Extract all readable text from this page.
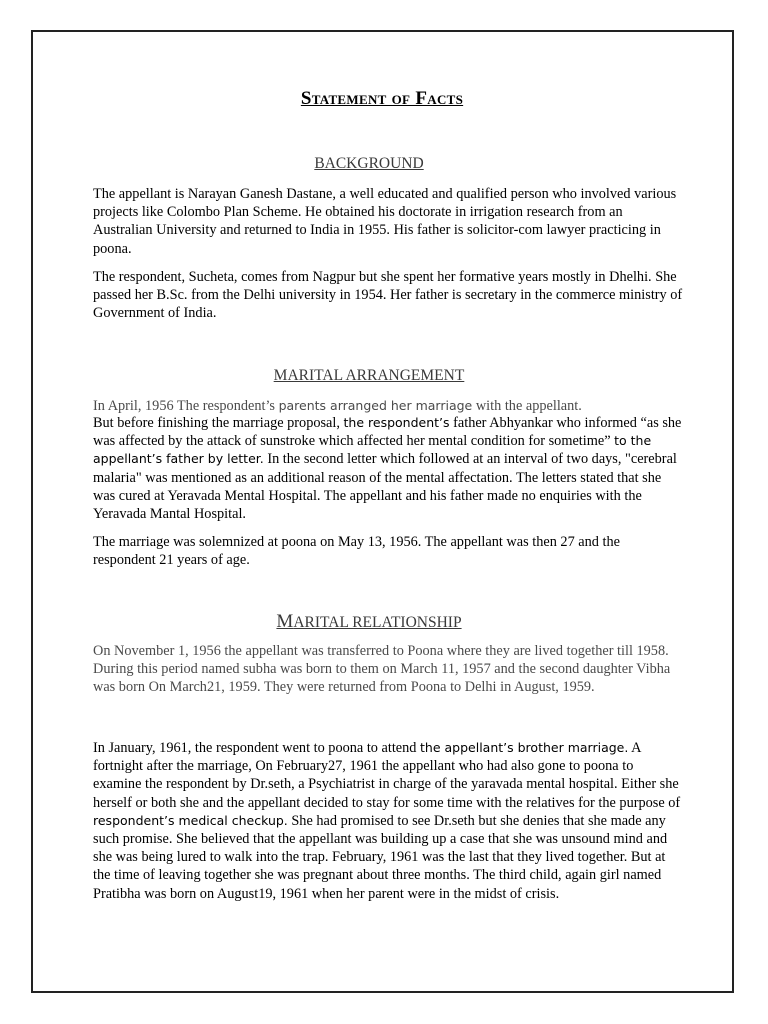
Statement of Facts
BACKGROUND

The appellant is Narayan Ganesh Dastane, a well educated and qualified person who involved various projects like Colombo Plan Scheme. He obtained his doctorate in irrigation research from an Australian University and returned to India in 1955. His father is solicitor-com lawyer practicing in poona.

The respondent, Sucheta, comes from Nagpur but she spent her formative years mostly in Dhelhi. She passed her B.Sc. from the Delhi university in 1954. Her father is secretary in the commerce ministry of Government of India.

MARITAL ARRANGEMENT

In April, 1956 The respondent’s parents arranged her marriage with the appellant.

But before finishing the marriage proposal, the respondent’s father Abhyankar who informed “as she was affected by the attack of sunstroke which affected her mental condition for sometime” to the appellant’s father by letter. In the second letter which followed at an interval of two days, "cerebral malaria" was mentioned as an additional reason of the mental affectation. The letters stated that she was cured at Yeravada Mental Hospital. The appellant and his father made no enquiries with the Yeravada Mantal Hospital.

The marriage was solemnized at poona on May 13, 1956. The appellant was then 27 and the respondent 21 years of age.

MARITAL RELATIONSHIP

On November 1, 1956 the appellant was transferred to Poona where they are lived together till 1958. During this period named subha was born to them on March 11, 1957 and the second daughter Vibha was born On March21, 1959. They were returned from Poona to Delhi in August, 1959.

In January, 1961, the respondent went to poona to attend the appellant’s brother marriage. A fortnight after the marriage, On February27, 1961 the appellant who had also gone to poona to examine the respondent by Dr.seth, a Psychiatrist in charge of the yaravada mental hospital. Either she herself or both she and the appellant decided to stay for some time with the relatives for the purpose of respondent’s medical checkup. She had promised to see Dr.seth but she denies that she made any such promise. She believed that the appellant was building up a case that she was unsound mind and she was being lured to walk into the trap. February, 1961 was the last that they lived together. But at the time of leaving together she was pregnant about three months. The third child, again girl named Pratibha was born on August19, 1961 when her parent were in the midst of crisis.
